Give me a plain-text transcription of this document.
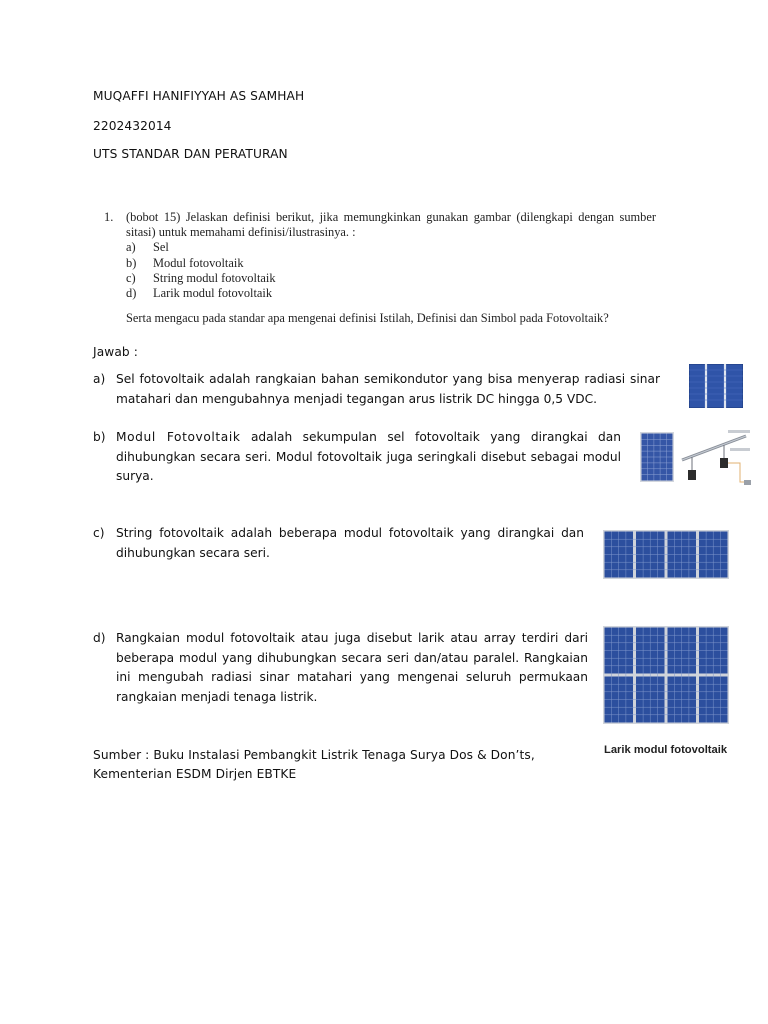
MUQAFFI HANIFIYYAH AS SAMHAH
2202432014
UTS STANDAR DAN PERATURAN
1. (bobot 15) Jelaskan definisi berikut, jika memungkinkan gunakan gambar (dilengkapi dengan sumber sitasi) untuk memahami definisi/ilustrasinya. :
a) Sel
b) Modul fotovoltaik
c) String modul fotovoltaik
d) Larik modul fotovoltaik
Serta mengacu pada standar apa mengenai definisi Istilah, Definisi dan Simbol pada Fotovoltaik?
Jawab :
a) Sel fotovoltaik adalah rangkaian bahan semikondutor yang bisa menyerap radiasi sinar matahari dan mengubahnya menjadi tegangan arus listrik DC hingga 0,5 VDC.
b) Modul Fotovoltaik adalah sekumpulan sel fotovoltaik yang dirangkai dan dihubungkan secara seri. Modul fotovoltaik juga seringkali disebut sebagai modul surya.
c) String fotovoltaik adalah beberapa modul fotovoltaik yang dirangkai dan dihubungkan secara seri.
d) Rangkaian modul fotovoltaik atau juga disebut larik atau array terdiri dari beberapa modul yang dihubungkan secara seri dan/atau paralel. Rangkaian ini mengubah radiasi sinar matahari yang mengenai seluruh permukaan rangkaian menjadi tenaga listrik.
Sumber : Buku Instalasi Pembangkit Listrik Tenaga Surya Dos & Don’ts,
Kementerian ESDM Dirjen EBTKE
Larik modul fotovoltaik
